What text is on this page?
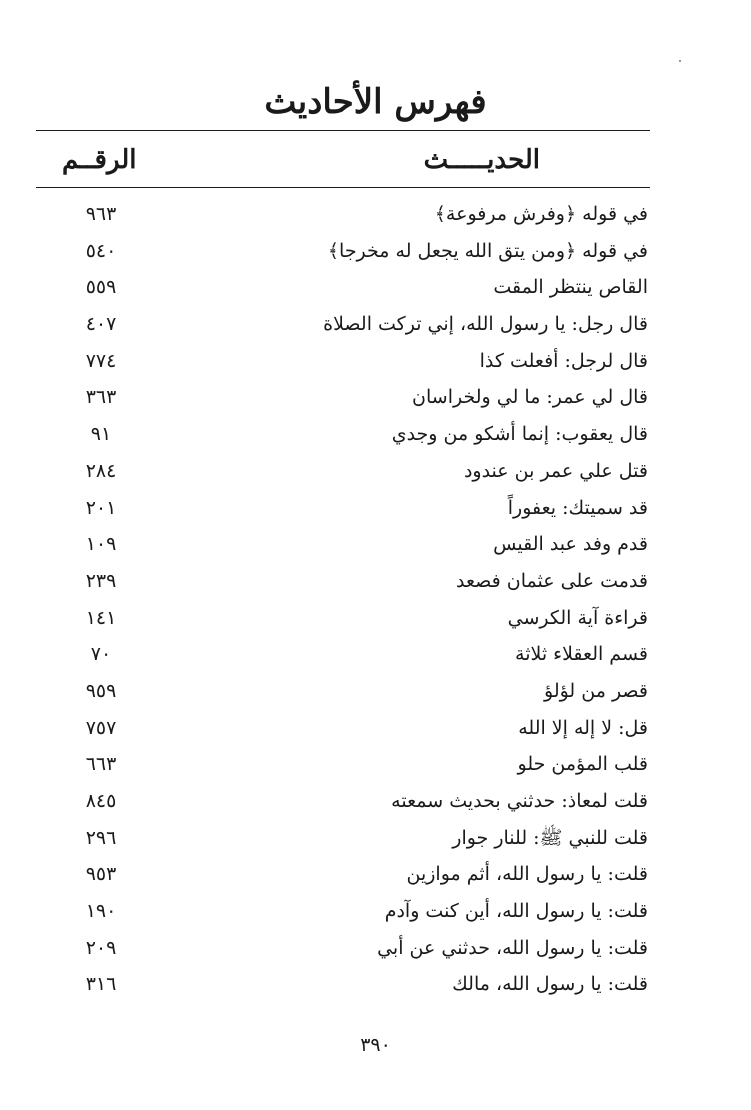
فهرس الأحاديث
الحديـــــث
الرقــم
في قوله ﴿وفرش مرفوعة﴾
٩٦٣
في قوله ﴿ومن يتق الله يجعل له مخرجا﴾
٥٤٠
القاص ينتظر المقت
٥٥٩
قال رجل: يا رسول الله، إني تركت الصلاة
٤٠٧
قال لرجل: أفعلت كذا
٧٧٤
قال لي عمر: ما لي ولخراسان
٣٦٣
قال يعقوب: إنما أشكو من وجدي
٩١
قتل علي عمر بن عندود
٢٨٤
قد سميتك: يعفوراً
٢٠١
قدم وفد عبد القيس
١٠٩
قدمت على عثمان فصعد
٢٣٩
قراءة آية الكرسي
١٤١
قسم العقلاء ثلاثة
٧٠
قصر من لؤلؤ
٩٥٩
قل: لا إله إلا الله
٧٥٧
قلب المؤمن حلو
٦٦٣
قلت لمعاذ: حدثني بحديث سمعته
٨٤٥
قلت للنبي ﷺ: للنار جوار
٢٩٦
قلت: يا رسول الله، أثم موازين
٩٥٣
قلت: يا رسول الله، أين كنت وآدم
١٩٠
قلت: يا رسول الله، حدثني عن أبي
٢٠٩
قلت: يا رسول الله، مالك
٣١٦
٣٩٠
